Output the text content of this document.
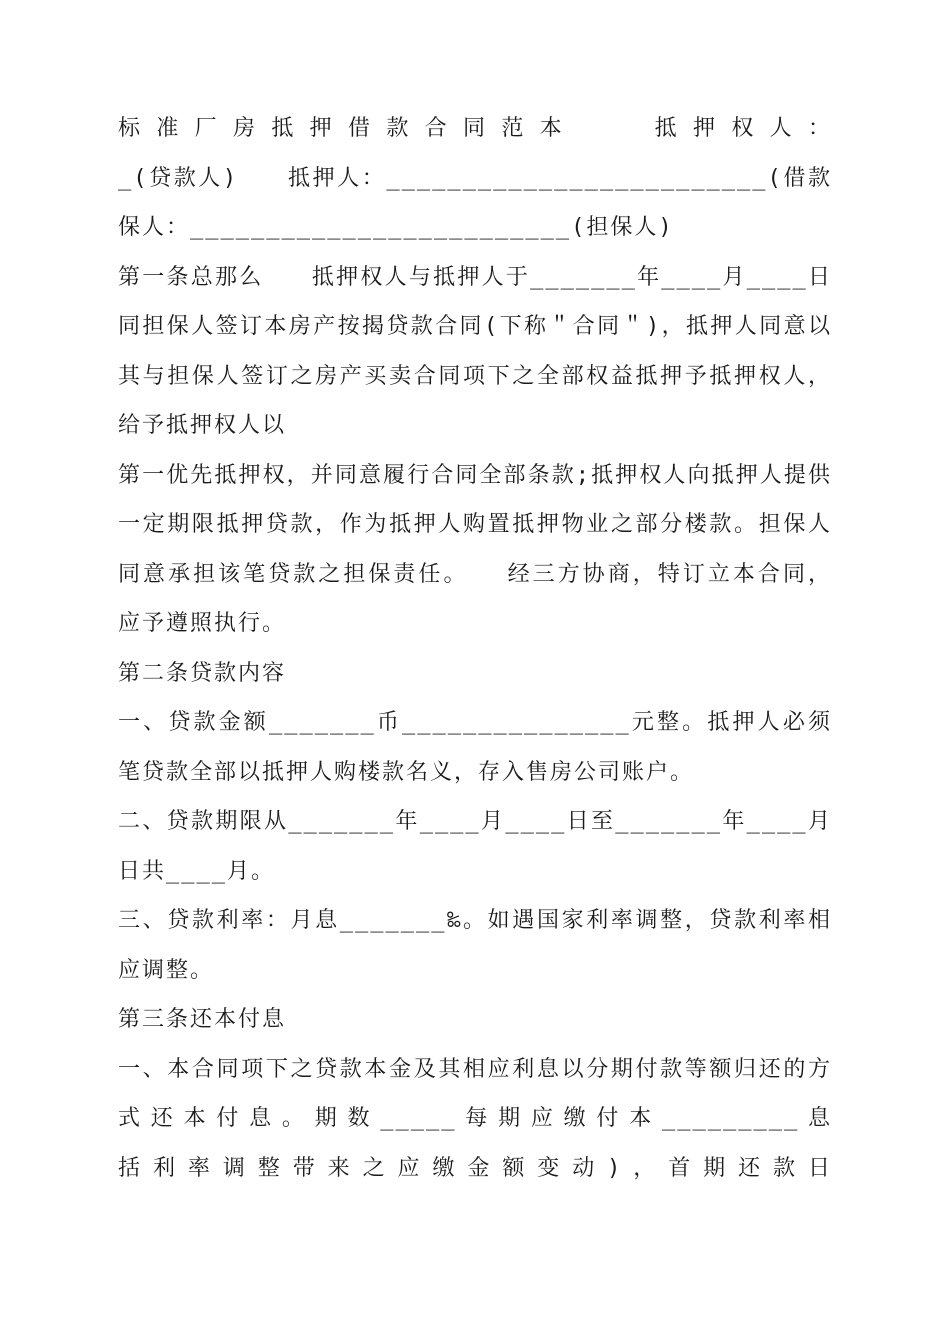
标准厂房抵押借款合同范本　　抵押权人：
_(贷款人)　　抵押人：_________________________(借款　　
保人：_________________________(担保人)
第一条总那么　　抵押权人与抵押人于_______年____月____日
同担保人签订本房产按揭贷款合同(下称＂合同＂)，抵押人同意以
其与担保人签订之房产买卖合同项下之全部权益抵押予抵押权人，
给予抵押权人以
第一优先抵押权，并同意履行合同全部条款;抵押权人向抵押人提供
一定期限抵押贷款，作为抵押人购置抵押物业之部分楼款。担保人
同意承担该笔贷款之担保责任。　　经三方协商，特订立本合同，
应予遵照执行。
第二条贷款内容
一、贷款金额_______币_______________元整。抵押人必须
笔贷款全部以抵押人购楼款名义，存入售房公司账户。
二、贷款期限从_______年____月____日至_______年____月
日共____月。
三、贷款利率：月息_______‰。如遇国家利率调整，贷款利率相
应调整。
第三条还本付息
一、本合同项下之贷款本金及其相应利息以分期付款等额归还的方
式还本付息。期数_____每期应缴付本_________息
括利率调整带来之应缴金额变动)，首期还款日
